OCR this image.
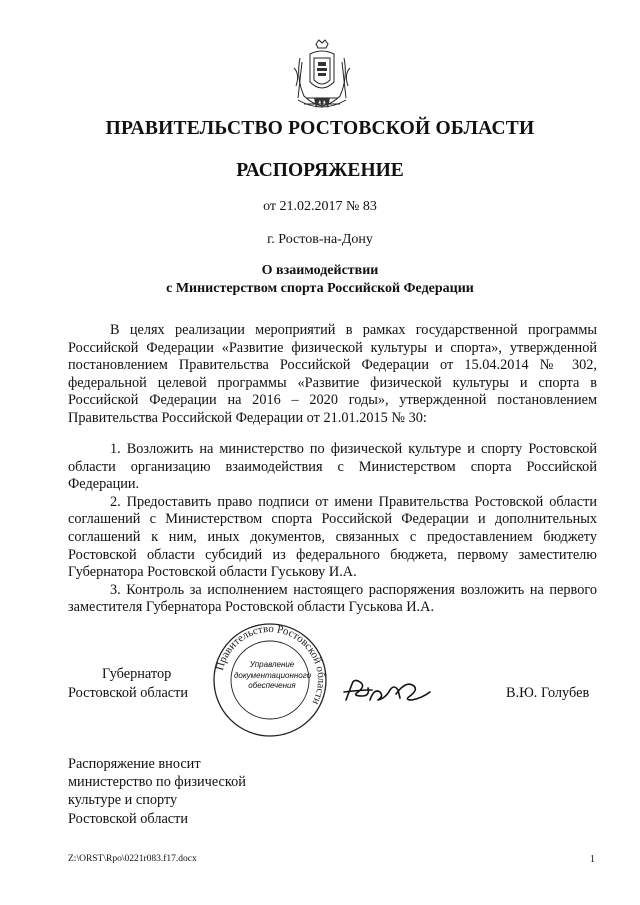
ПРАВИТЕЛЬСТВО РОСТОВСКОЙ ОБЛАСТИ
РАСПОРЯЖЕНИЕ
от 21.02.2017 № 83
г. Ростов-на-Дону
О взаимодействии
с Министерством спорта Российской Федерации

В целях реализации мероприятий в рамках государственной программы Российской Федерации «Развитие физической культуры и спорта», утвержденной постановлением Правительства Российской Федерации от 15.04.2014 № 302, федеральной целевой программы «Развитие физической культуры и спорта в Российской Федерации на 2016 – 2020 годы», утвержденной постановлением Правительства Российской Федерации от 21.01.2015 № 30:

1. Возложить на министерство по физической культуре и спорту Ростовской области организацию взаимодействия с Министерством спорта Российской Федерации.

2. Предоставить право подписи от имени Правительства Ростовской области соглашений с Министерством спорта Российской Федерации и дополнительных соглашений к ним, иных документов, связанных с предоставлением бюджету Ростовской области субсидий из федерального бюджета, первому заместителю Губернатора Ростовской области Гуськову И.А.

3. Контроль за исполнением настоящего распоряжения возложить на первого заместителя Губернатора Ростовской области Гуськова И.А.

Правительство Ростовской области
Управление
документационного
обеспечения
Губернатор
Ростовской области	В.Ю. Голубев
Распоряжение вносит
министерство по физической
культуре и спорту
Ростовской области
Z:\ORST\Rpo\0221r083.f17.docx	1
